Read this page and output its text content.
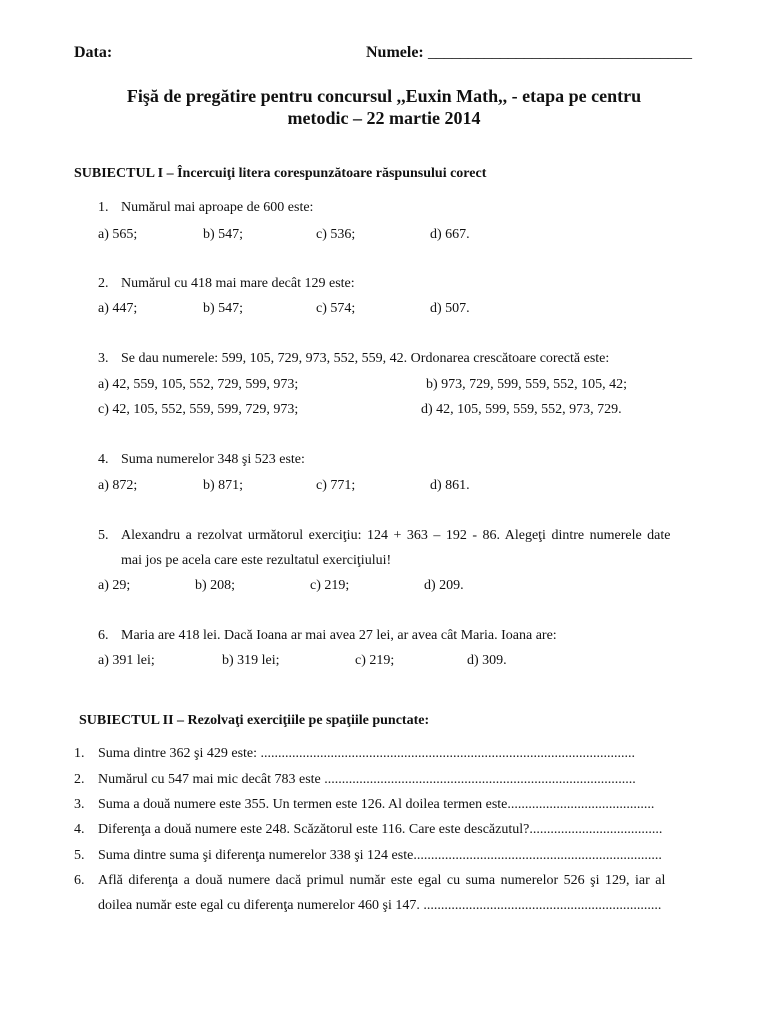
Data:	Numele: _________________________________
Fişă de pregătire pentru concursul ,,Euxin Math,, - etapa pe centru
metodic – 22 martie 2014
SUBIECTUL I – Încercuiţi litera corespunzătoare răspunsului corect
1. Numărul mai aproape de 600 este:
a) 565;	b) 547;	c) 536;	d) 667.
2. Numărul cu 418 mai mare decât 129 este:
a) 447;	b) 547;	c) 574;	d) 507.
3. Se dau numerele: 599, 105, 729, 973, 552, 559, 42. Ordonarea crescătoare corectă este:
a) 42, 559, 105, 552, 729, 599, 973;	b) 973, 729, 599, 559, 552, 105, 42;
c) 42, 105, 552, 559, 599, 729, 973;	d) 42, 105, 599, 559, 552, 973, 729.
4. Suma numerelor 348 şi 523 este:
a) 872;	b) 871;	c) 771;	d) 861.
5. Alexandru a rezolvat următorul exerciţiu: 124 + 363 – 192 - 86. Alegeţi dintre numerele date
mai jos pe acela care este rezultatul exerciţiului!
a) 29;	b) 208;	c) 219;	d) 209.
6. Maria are 418 lei. Dacă Ioana ar mai avea 27 lei, ar avea cât Maria. Ioana are:
a) 391 lei;	b) 319 lei;	c) 219;	d) 309.
SUBIECTUL II – Rezolvaţi exerciţiile pe spaţiile punctate:
1. Suma dintre 362 şi 429 este: ...........................................................................................................
2. Numărul cu 547 mai mic decât 783 este .........................................................................................
3. Suma a două numere este 355. Un termen este 126. Al doilea termen este..........................................
4. Diferenţa a două numere este 248. Scăzătorul este 116. Care este descăzutul?......................................
5. Suma dintre suma şi diferenţa numerelor 338 şi 124 este.......................................................................
6. Află diferenţa a două numere dacă primul număr este egal cu suma numerelor 526 şi 129, iar al
doilea număr este egal cu diferenţa numerelor 460 şi 147. ....................................................................
